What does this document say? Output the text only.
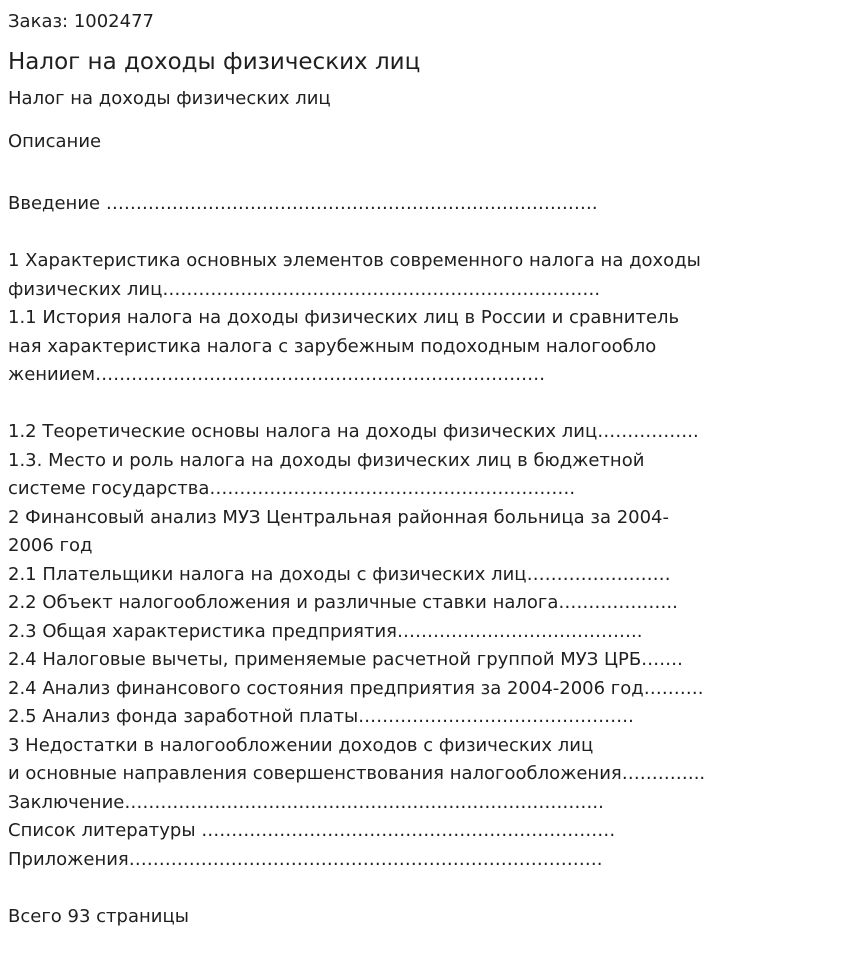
Заказ: 1002477
Налог на доходы физических лиц
Налог на доходы физических лиц
Описание
Введение ……………………………………………………………………….
1 Характеристика основных элементов современного налога на доходы
физических лиц……………………………………………………………….
1.1 История налога на доходы физических лиц в России и сравнитель
ная характеристика налога с зарубежным подоходным налогообло
жениием…………………………………………………………………
1.2 Теоретические основы налога на доходы физических лиц……………..
1.3. Место и роль налога на доходы физических лиц в бюджетной
системе государства…………………………………………………….
2 Финансовый анализ МУЗ Центральная районная больница за 2004-
2006 год
2.1 Плательщики налога на доходы с физических лиц……………………
2.2 Объект налогообложения и различные ставки налога………………..
2.3 Общая характеристика предприятия…………………………………..
2.4 Налоговые вычеты, применяемые расчетной группой МУЗ ЦРБ…….
2.4 Анализ финансового состояния предприятия за 2004-2006 год……….
2.5 Анализ фонда заработной платы……………………………………….
3 Недостатки в налогообложении доходов с физических лиц
и основные направления совершенствования налогообложения…………..
Заключение……………………………………………………………………..
Список литературы ……………………………………………………………
Приложения…………………………………………………………………….
Всего 93 страницы
